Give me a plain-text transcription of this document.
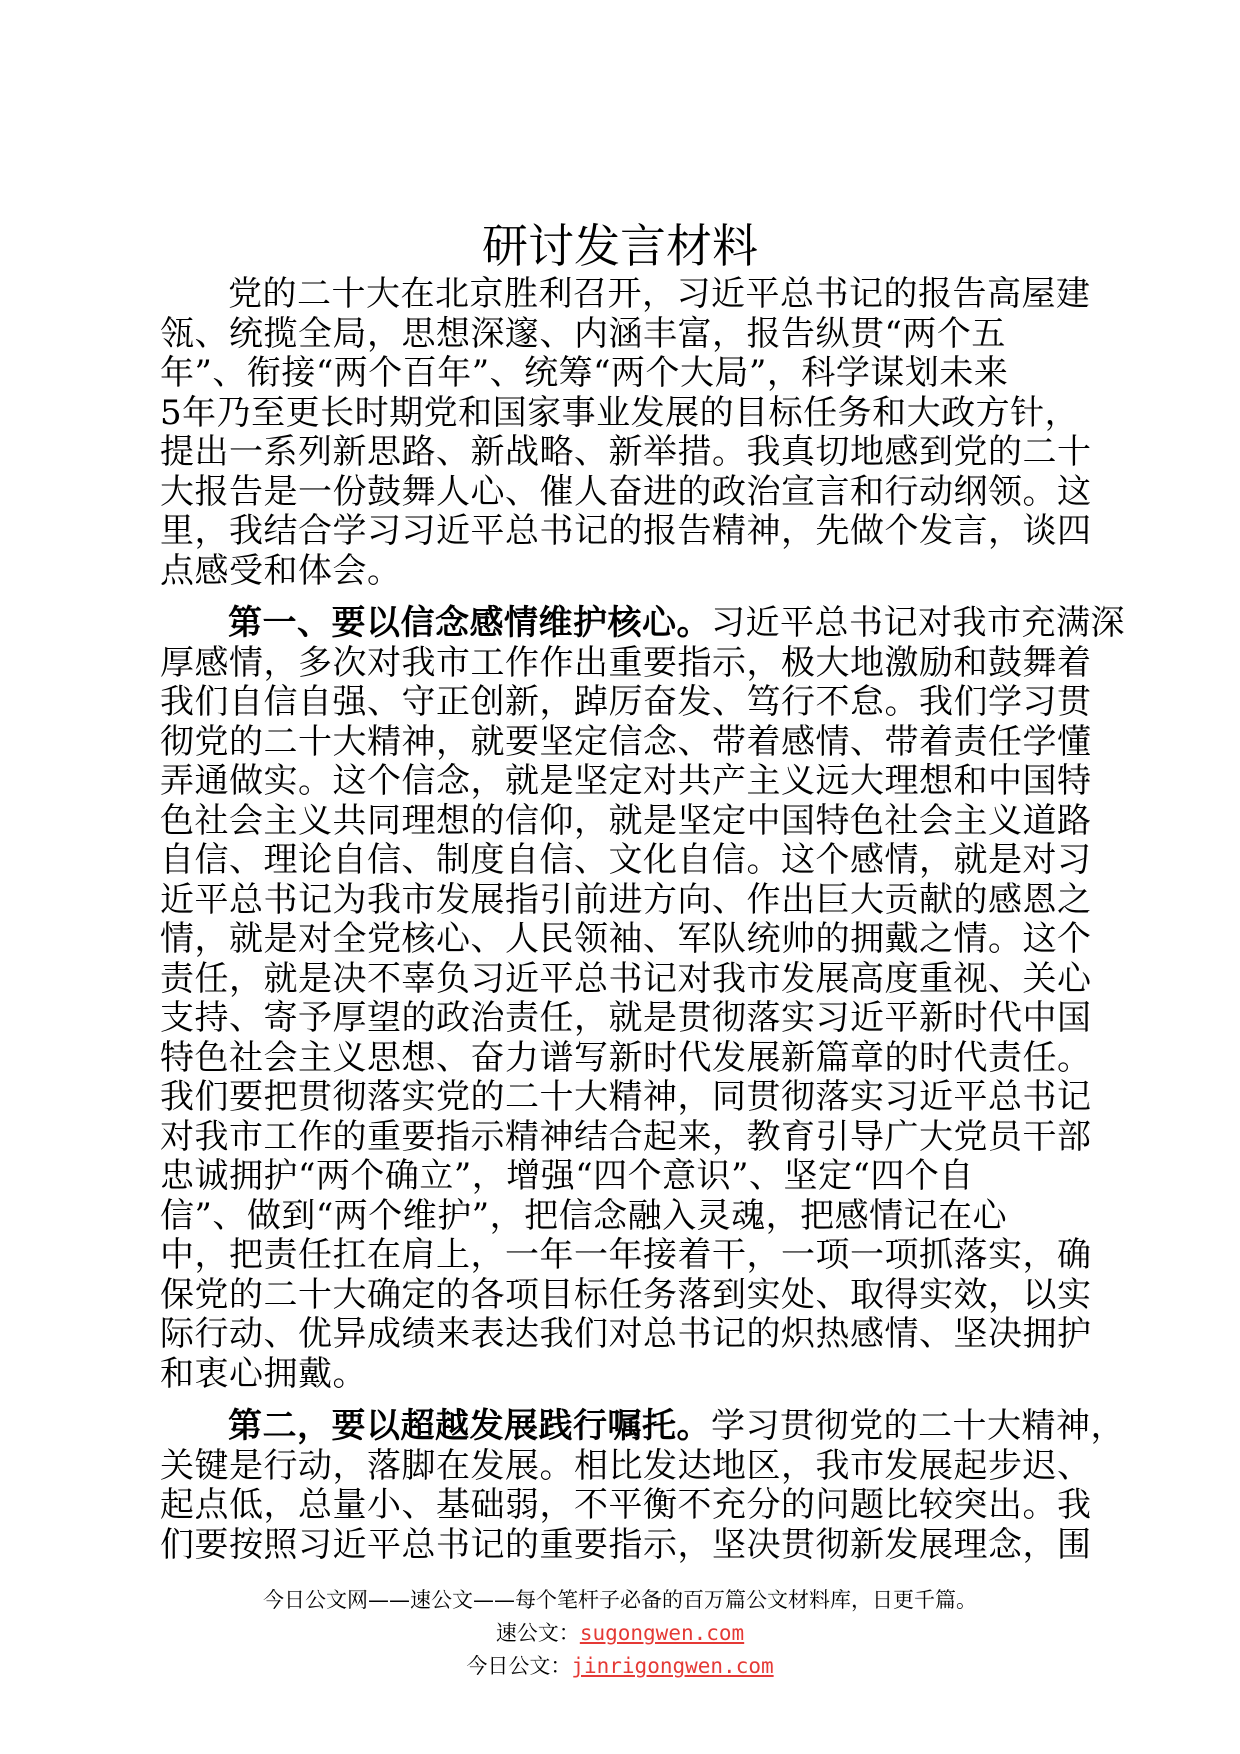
研讨发言材料
党的二十大在北京胜利召开，习近平总书记的报告高屋建
瓴、统揽全局，思想深邃、内涵丰富，报告纵贯“两个五
年”、衔接“两个百年”、统筹“两个大局”，科学谋划未来
5年乃至更长时期党和国家事业发展的目标任务和大政方针，
提出一系列新思路、新战略、新举措。我真切地感到党的二十
大报告是一份鼓舞人心、催人奋进的政治宣言和行动纲领。这
里，我结合学习习近平总书记的报告精神，先做个发言，谈四
点感受和体会。
第一、要以信念感情维护核心。习近平总书记对我市充满深
厚感情，多次对我市工作作出重要指示，极大地激励和鼓舞着
我们自信自强、守正创新，踔厉奋发、笃行不怠。我们学习贯
彻党的二十大精神，就要坚定信念、带着感情、带着责任学懂
弄通做实。这个信念，就是坚定对共产主义远大理想和中国特
色社会主义共同理想的信仰，就是坚定中国特色社会主义道路
自信、理论自信、制度自信、文化自信。这个感情，就是对习
近平总书记为我市发展指引前进方向、作出巨大贡献的感恩之
情，就是对全党核心、人民领袖、军队统帅的拥戴之情。这个
责任，就是决不辜负习近平总书记对我市发展高度重视、关心
支持、寄予厚望的政治责任，就是贯彻落实习近平新时代中国
特色社会主义思想、奋力谱写新时代发展新篇章的时代责任。
我们要把贯彻落实党的二十大精神，同贯彻落实习近平总书记
对我市工作的重要指示精神结合起来，教育引导广大党员干部
忠诚拥护“两个确立”，增强“四个意识”、坚定“四个自
信”、做到“两个维护”，把信念融入灵魂，把感情记在心
中，把责任扛在肩上，一年一年接着干，一项一项抓落实，确
保党的二十大确定的各项目标任务落到实处、取得实效，以实
际行动、优异成绩来表达我们对总书记的炽热感情、坚决拥护
和衷心拥戴。
第二，要以超越发展践行嘱托。学习贯彻党的二十大精神，
关键是行动，落脚在发展。相比发达地区，我市发展起步迟、
起点低，总量小、基础弱，不平衡不充分的问题比较突出。我
们要按照习近平总书记的重要指示，坚决贯彻新发展理念，围
今日公文网——速公文——每个笔杆子必备的百万篇公文材料库，日更千篇。
速公文：sugongwen.com
今日公文：jinrigongwen.com
